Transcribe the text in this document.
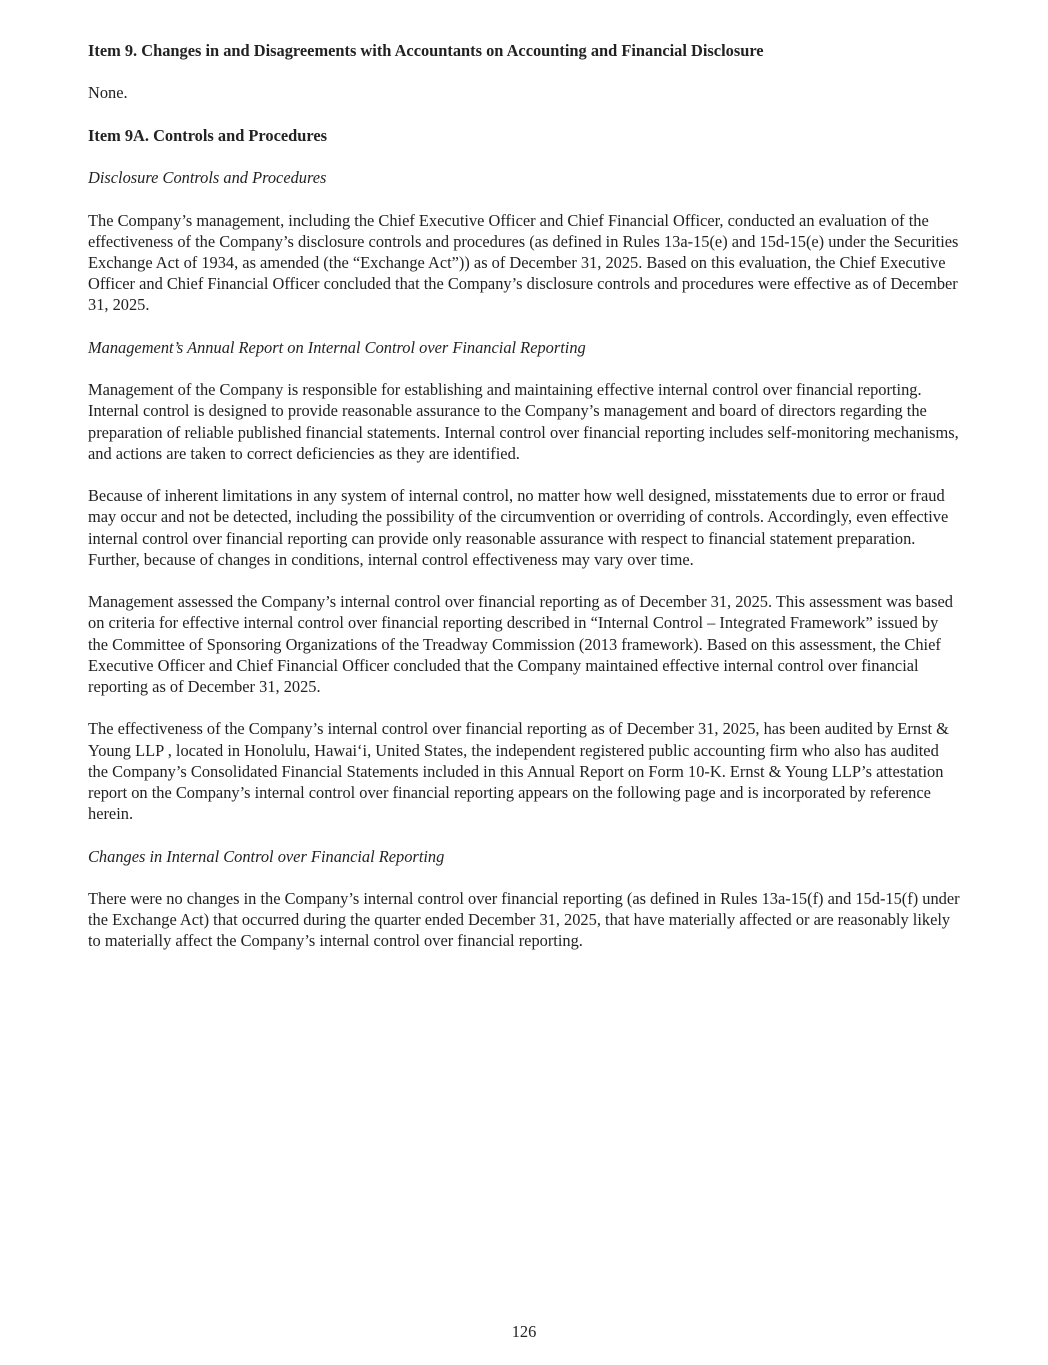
Item 9. Changes in and Disagreements with Accountants on Accounting and Financial Disclosure

None.

Item 9A. Controls and Procedures

Disclosure Controls and Procedures

The Company’s management, including the Chief Executive Officer and Chief Financial Officer, conducted an evaluation of the effectiveness of the Company’s disclosure controls and procedures (as defined in Rules 13a-15(e) and 15d-15(e) under the Securities Exchange Act of 1934, as amended (the “Exchange Act”)) as of December 31, 2025. Based on this evaluation, the Chief Executive Officer and Chief Financial Officer concluded that the Company’s disclosure controls and procedures were effective as of December 31, 2025.

Management’s Annual Report on Internal Control over Financial Reporting

Management of the Company is responsible for establishing and maintaining effective internal control over financial reporting. Internal control is designed to provide reasonable assurance to the Company’s management and board of directors regarding the preparation of reliable published financial statements. Internal control over financial reporting includes self-monitoring mechanisms, and actions are taken to correct deficiencies as they are identified.

Because of inherent limitations in any system of internal control, no matter how well designed, misstatements due to error or fraud may occur and not be detected, including the possibility of the circumvention or overriding of controls. Accordingly, even effective internal control over financial reporting can provide only reasonable assurance with respect to financial statement preparation. Further, because of changes in conditions, internal control effectiveness may vary over time.

Management assessed the Company’s internal control over financial reporting as of December 31, 2025. This assessment was based on criteria for effective internal control over financial reporting described in “Internal Control – Integrated Framework” issued by the Committee of Sponsoring Organizations of the Treadway Commission (2013 framework). Based on this assessment, the Chief Executive Officer and Chief Financial Officer concluded that the Company maintained effective internal control over financial reporting as of December 31, 2025.

The effectiveness of the Company’s internal control over financial reporting as of December 31, 2025, has been audited by Ernst & Young LLP , located in Honolulu, Hawai‘i, United States, the independent registered public accounting firm who also has audited the Company’s Consolidated Financial Statements included in this Annual Report on Form 10-K. Ernst & Young LLP’s attestation report on the Company’s internal control over financial reporting appears on the following page and is incorporated by reference herein.

Changes in Internal Control over Financial Reporting

There were no changes in the Company’s internal control over financial reporting (as defined in Rules 13a-15(f) and 15d-15(f) under the Exchange Act) that occurred during the quarter ended December 31, 2025, that have materially affected or are reasonably likely to materially affect the Company’s internal control over financial reporting.

126
